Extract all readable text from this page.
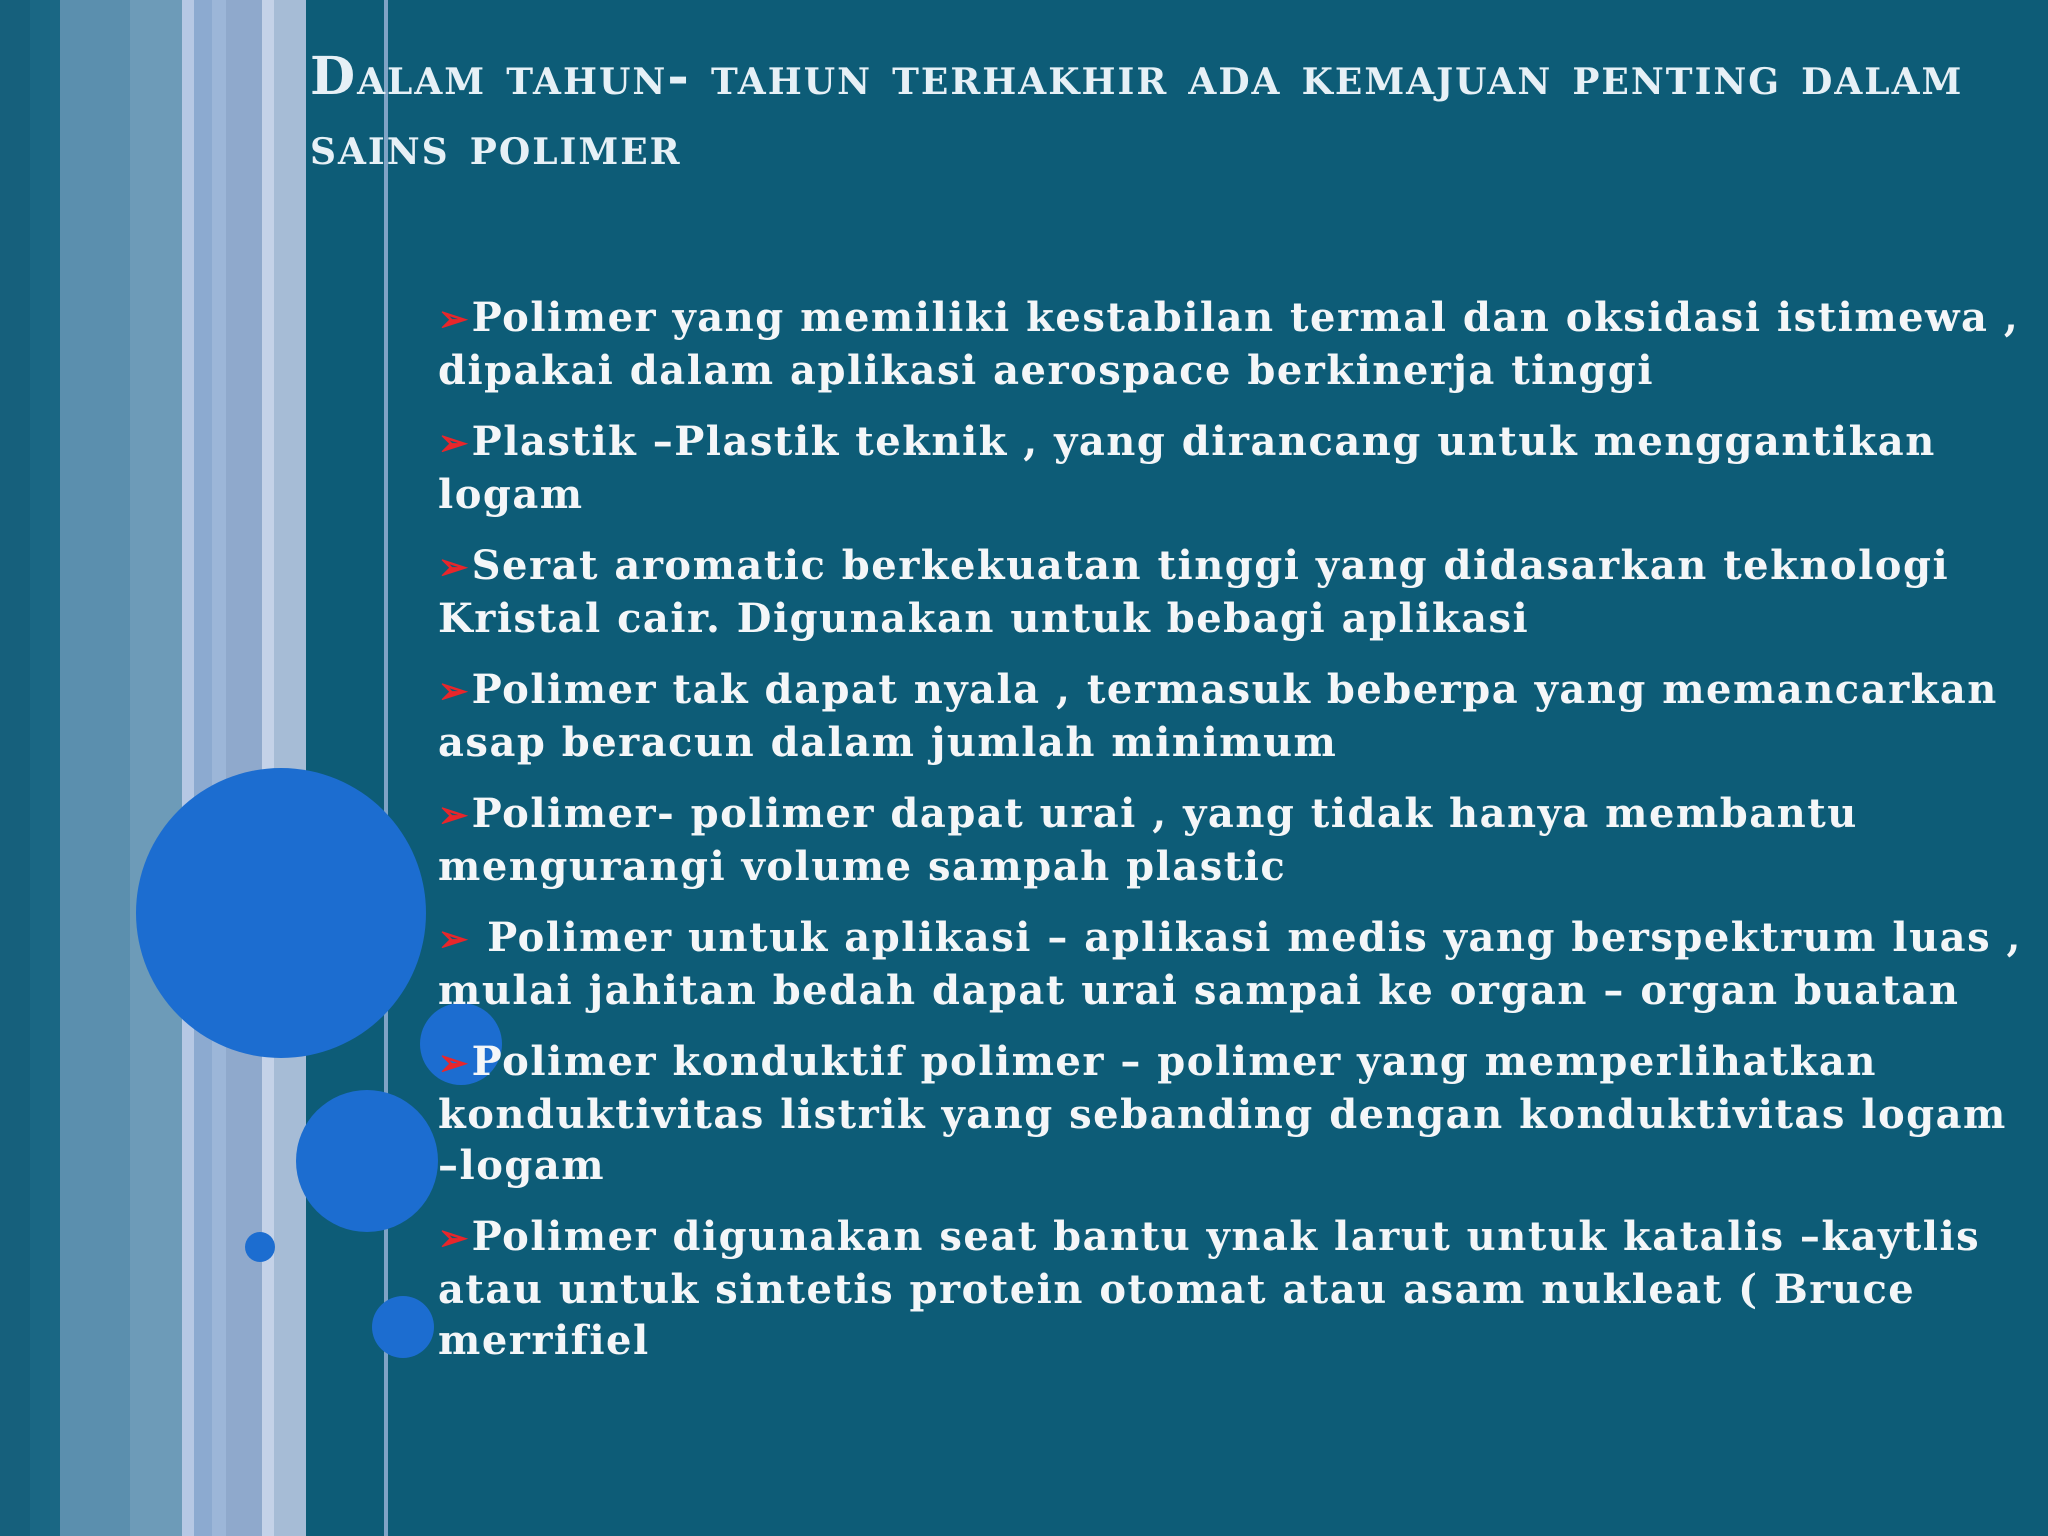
Dalam tahun- tahun terhakhir ada kemajuan penting dalam sains polimer
➢Polimer yang memiliki kestabilan termal dan oksidasi istimewa , dipakai dalam aplikasi aerospace berkinerja tinggi
➢Plastik –Plastik teknik , yang dirancang untuk menggantikan logam
➢Serat aromatic berkekuatan tinggi yang didasarkan teknologi Kristal cair. Digunakan untuk bebagi aplikasi
➢Polimer tak dapat nyala , termasuk beberpa yang memancarkan asap beracun dalam jumlah minimum
➢Polimer- polimer dapat urai , yang tidak hanya membantu mengurangi volume sampah plastic
➢ Polimer untuk aplikasi – aplikasi medis yang berspektrum luas , mulai jahitan bedah dapat urai sampai ke organ – organ buatan
➢Polimer konduktif polimer – polimer yang memperlihatkan konduktivitas listrik yang sebanding dengan konduktivitas logam –logam
➢Polimer digunakan seat bantu ynak larut untuk katalis –kaytlis atau untuk sintetis protein otomat atau asam nukleat ( Bruce merrifiel
